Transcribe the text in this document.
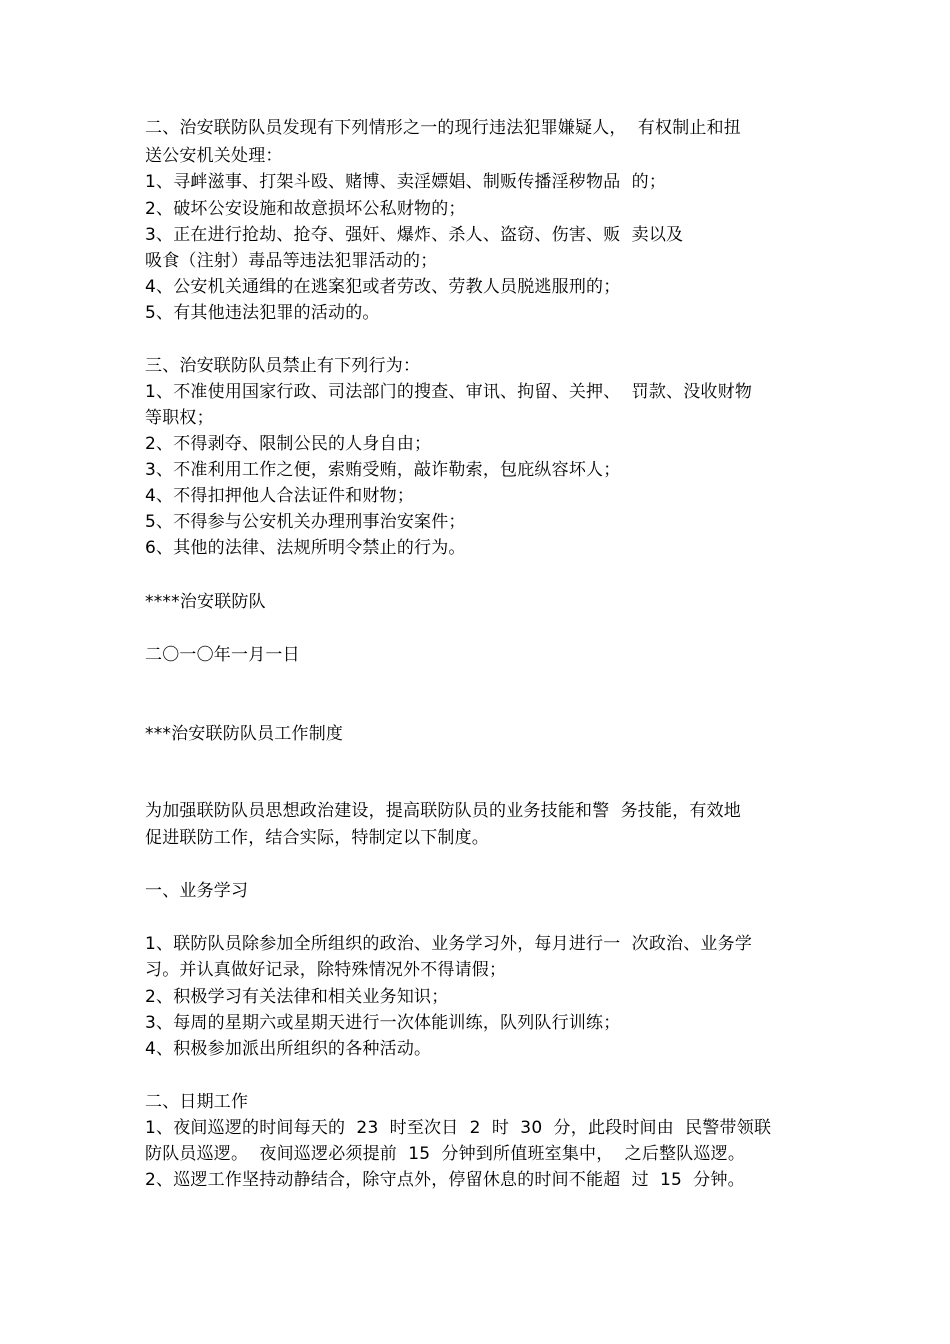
二、治安联防队员发现有下列情形之一的现行违法犯罪嫌疑人，  有权制止和扭
送公安机关处理：
1、寻衅滋事、打架斗殴、赌博、卖淫嫖娼、制贩传播淫秽物品  的；
2、破坏公安设施和故意损坏公私财物的；
3、正在进行抢劫、抢夺、强奸、爆炸、杀人、盗窃、伤害、贩  卖以及
吸食（注射）毒品等违法犯罪活动的；
4、公安机关通缉的在逃案犯或者劳改、劳教人员脱逃服刑的；
5、有其他违法犯罪的活动的。
三、治安联防队员禁止有下列行为：
1、不准使用国家行政、司法部门的搜查、审讯、拘留、关押、  罚款、没收财物
等职权；
2、不得剥夺、限制公民的人身自由；
3、不准利用工作之便，索贿受贿，敲诈勒索，包庇纵容坏人；
4、不得扣押他人合法证件和财物；
5、不得参与公安机关办理刑事治安案件；
6、其他的法律、法规所明令禁止的行为。
****治安联防队
二〇一〇年一月一日
***治安联防队员工作制度
为加强联防队员思想政治建设，提高联防队员的业务技能和警  务技能，有效地
促进联防工作，结合实际，特制定以下制度。
一、业务学习
1、联防队员除参加全所组织的政治、业务学习外，每月进行一  次政治、业务学
习。并认真做好记录，除特殊情况外不得请假；
2、积极学习有关法律和相关业务知识；
3、每周的星期六或星期天进行一次体能训练，队列队行训练；
4、积极参加派出所组织的各种活动。
二、日期工作
1、夜间巡逻的时间每天的  23  时至次日  2  时  30  分，此段时间由  民警带领联
防队员巡逻。  夜间巡逻必须提前  15  分钟到所值班室集中，  之后整队巡逻。
2、巡逻工作坚持动静结合，除守点外，停留休息的时间不能超  过  15  分钟。
